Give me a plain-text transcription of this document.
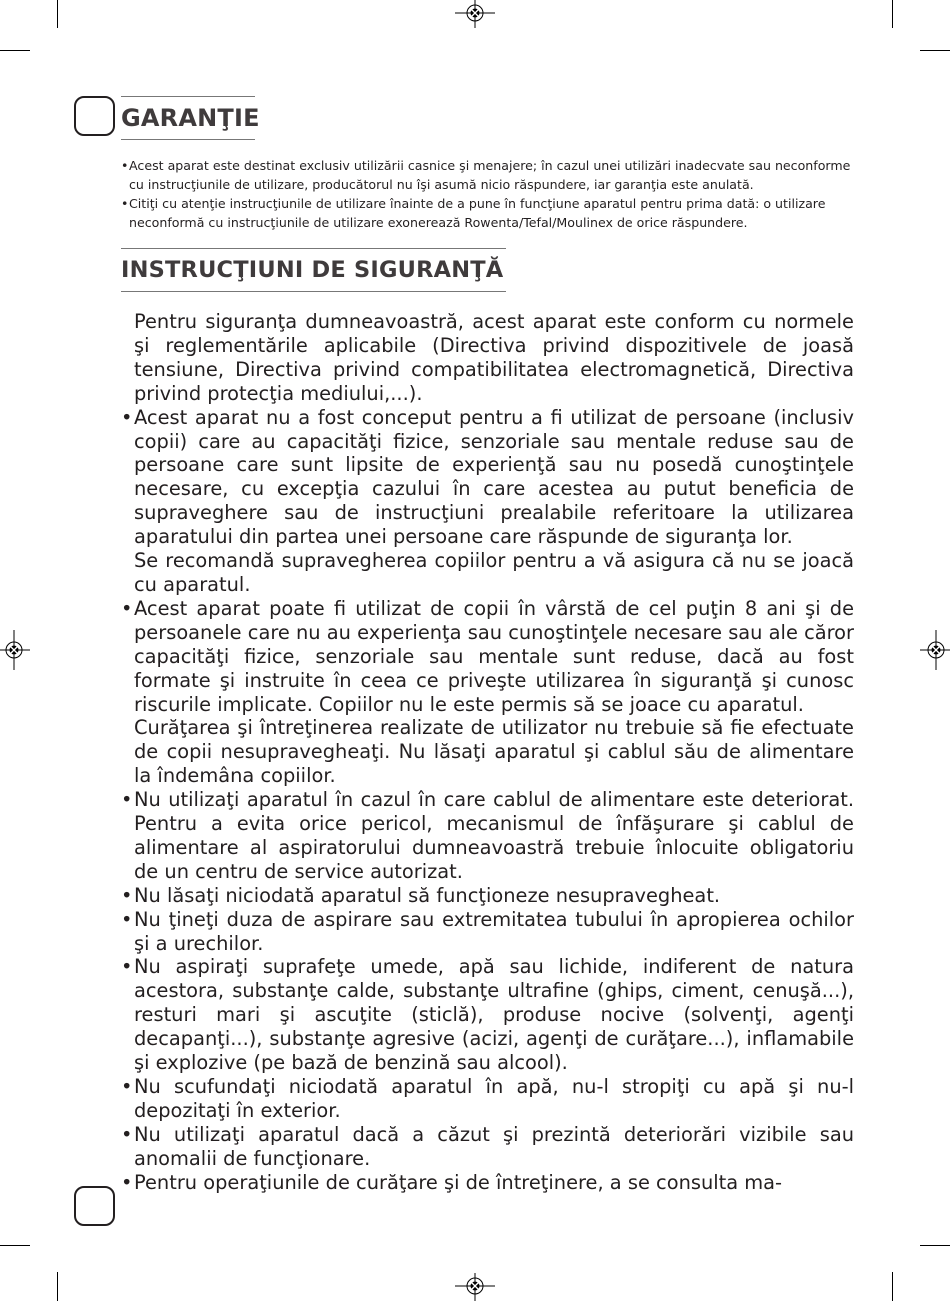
GARANŢIE
• Acest aparat este destinat exclusiv utilizării casnice şi menajere; în cazul unei utilizări inadecvate sau neconforme cu instrucţiunile de utilizare, producătorul nu îşi asumă nicio răspundere, iar garanţia este anulată.
• Citiţi cu atenţie instrucţiunile de utilizare înainte de a pune în funcţiune aparatul pentru prima dată: o utilizare neconformă cu instrucţiunile de utilizare exonerează Rowenta/Tefal/Moulinex de orice răspundere.
INSTRUCŢIUNI DE SIGURANŢĂ

Pentru siguranţa dumneavoastră, acest aparat este conform cu normele şi reglementările aplicabile (Directiva privind dispozitivele de joasă tensiune, Directiva privind compatibilitatea electromagnetică, Directiva privind protecţia mediului,...).

• Acest aparat nu a fost conceput pentru a fi utilizat de persoane (inclusiv copii) care au capacităţi fizice, senzoriale sau mentale reduse sau de persoane care sunt lipsite de experienţă sau nu posedă cunoştinţele necesare, cu excepţia cazului în care acestea au putut beneficia de supraveghere sau de instrucţiuni prealabile referitoare la utilizarea aparatului din partea unei persoane care răspunde de siguranţa lor.

Se recomandă supravegherea copiilor pentru a vă asigura că nu se joacă cu aparatul.

• Acest aparat poate fi utilizat de copii în vârstă de cel puţin 8 ani şi de persoanele care nu au experienţa sau cunoştinţele necesare sau ale căror capacităţi fizice, senzoriale sau mentale sunt reduse, dacă au fost formate şi instruite în ceea ce priveşte utilizarea în siguranţă şi cunosc riscurile implicate. Copiilor nu le este permis să se joace cu aparatul.

Curăţarea şi întreţinerea realizate de utilizator nu trebuie să fie efectuate de copii nesupravegheaţi. Nu lăsaţi aparatul şi cablul său de alimentare la îndemâna copiilor.

• Nu utilizaţi aparatul în cazul în care cablul de alimentare este deteriorat. Pentru a evita orice pericol, mecanismul de înfăşurare şi cablul de alimentare al aspiratorului dumneavoastră trebuie înlocuite obligatoriu de un centru de service autorizat.

• Nu lăsaţi niciodată aparatul să funcţioneze nesupravegheat.

• Nu ţineţi duza de aspirare sau extremitatea tubului în apropierea ochilor şi a urechilor.

• Nu aspiraţi suprafeţe umede, apă sau lichide, indiferent de natura acestora, substanţe calde, substanţe ultrafine (ghips, ciment, cenuşă...), resturi mari şi ascuţite (sticlă), produse nocive (solvenţi, agenţi decapanţi...), substanţe agresive (acizi, agenţi de curăţare...), inflamabile şi explozive (pe bază de benzină sau alcool).

• Nu scufundaţi niciodată aparatul în apă, nu-l stropiţi cu apă şi nu-l depozitaţi în exterior.

• Nu utilizaţi aparatul dacă a căzut şi prezintă deteriorări vizibile sau anomalii de funcţionare.

• Pentru operaţiunile de curăţare şi de întreţinere, a se consulta ma-
